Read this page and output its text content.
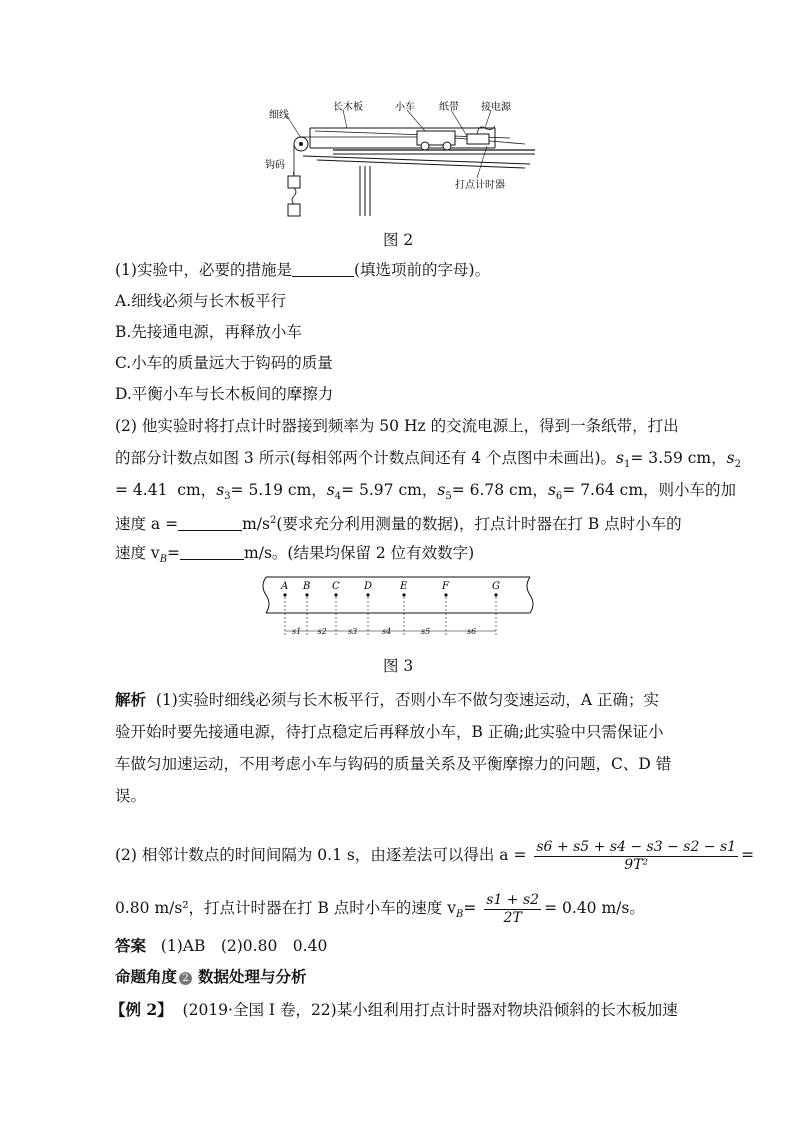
细线
长木板	小车 纸带 接电源
钩码
打点计时器
图 2
(1)实验中，必要的措施是	(填选项前的字母)。
A.细线必须与长木板平行
B.先接通电源，再释放小车
C.小车的质量远大于钩码的质量
D.平衡小车与长木板间的摩擦力
(2) 他实验时将打点计时器接到频率为 50 Hz 的交流电源上，得到一条纸带，打出
的部分计数点如图 3 所示(每相邻两个计数点间还有 4 个点图中未画出)。$s_1= 3.59$ cm，$s_2$
= 4.41 cm，$s_3= 5.19$ cm，$s_4= 5.97$ cm，$s_5= 6.78$ cm，$s_6= 7.64$ cm，则小车的加
速度 a =	$m/s^2$(要求充分利用测量的数据)，打点计时器在打 B 点时小车的
速度 $v_B=$	m/s。(结果均保留 2 位有效数字)
A B C D	E	F	G
s1 s2	s3	s4	s5	s6
图 3
解析 (1)实验时细线必须与长木板平行，否则小车不做匀变速运动，A 正确；实
验开始时要先接通电源，待打点稳定后再释放小车，B 正确;此实验中只需保证小
车做匀加速运动，不用考虑小车与钩码的质量关系及平衡摩擦力的问题，C、D 错
误。
(2) 相邻计数点的时间间隔为 0.1 s，由逐差法可以得出 $a = \frac{s6 + s5 + s4 - s3 - s2 - s1}{\text{9T²}}$ =
0.80 m/s²，打点计时器在打 B 点时小车的速度 $v_B= \frac{s1 + s2}{2T} = 0.40$ m/s。
答案 (1)AB　(2)0.80　0.40
命题角度 2 数据处理与分析
【例 2】 (2019·全国 Ⅰ 卷，22)某小组利用打点计时器对物块沿倾斜的长木板加速
